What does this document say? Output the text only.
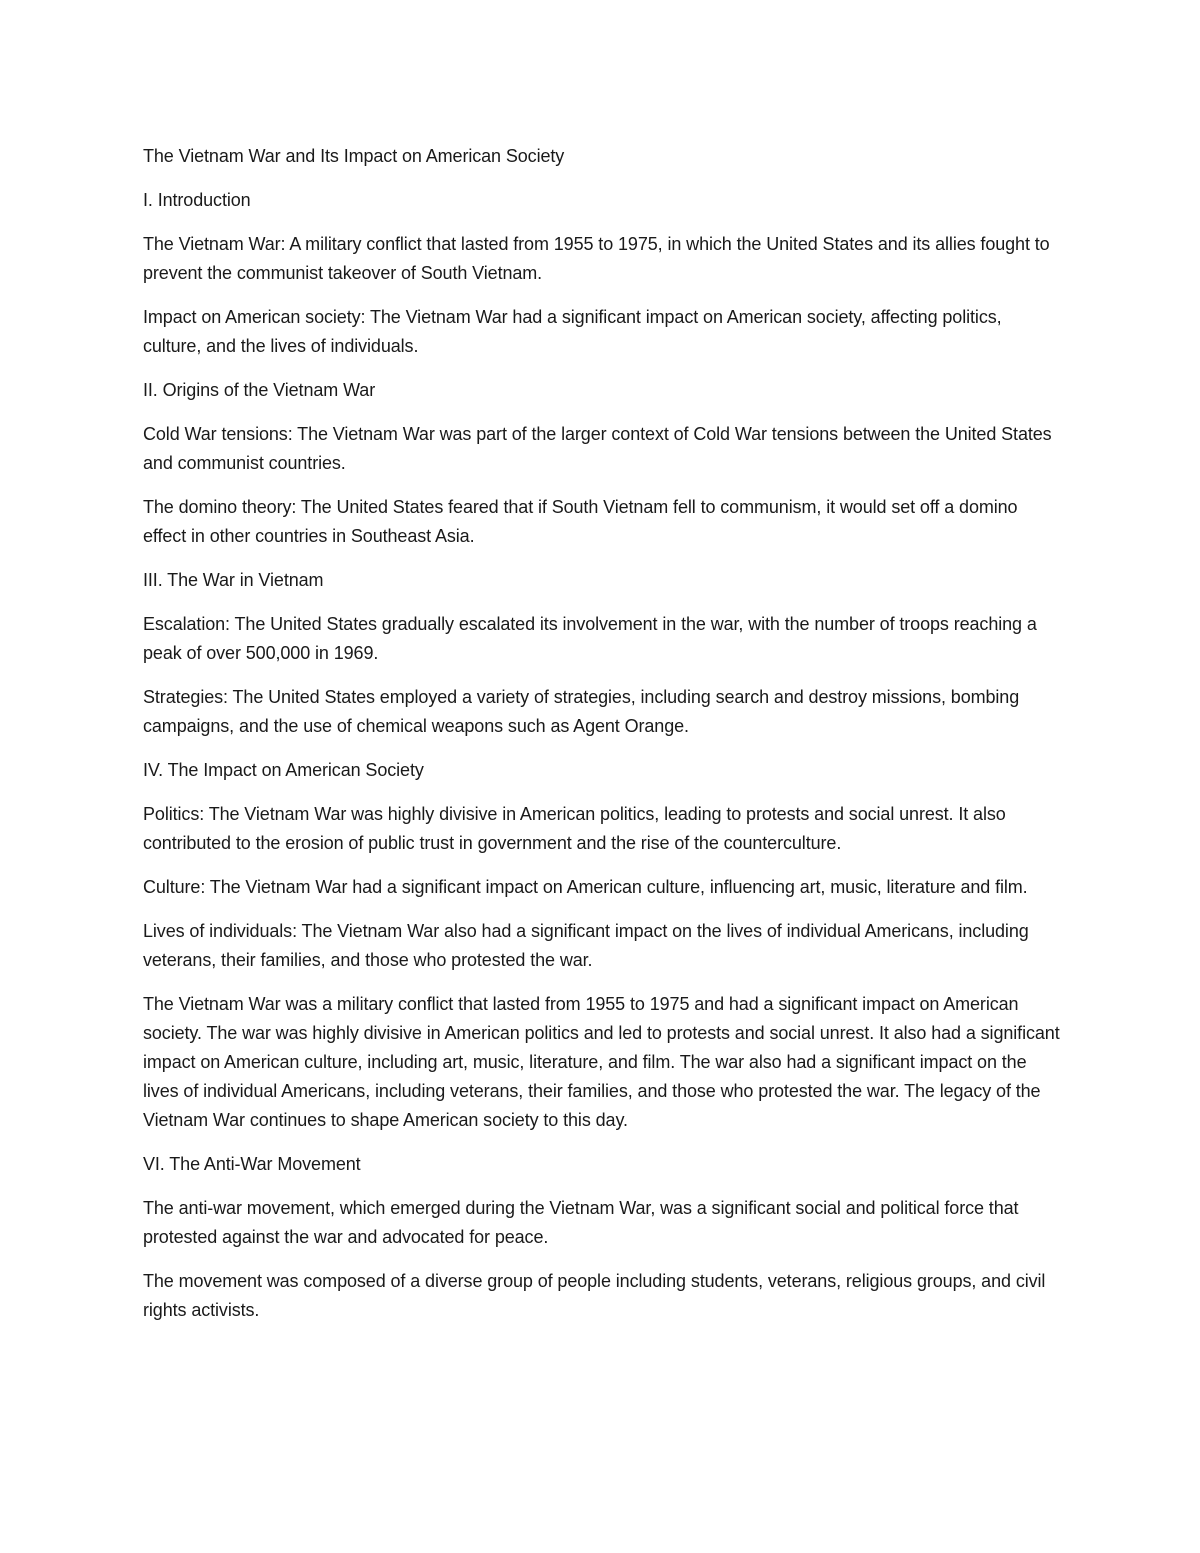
The Vietnam War and Its Impact on American Society

I. Introduction

The Vietnam War: A military conflict that lasted from 1955 to 1975, in which the United States and its allies fought to prevent the communist takeover of South Vietnam.

Impact on American society: The Vietnam War had a significant impact on American society, affecting politics, culture, and the lives of individuals.

II. Origins of the Vietnam War

Cold War tensions: The Vietnam War was part of the larger context of Cold War tensions between the United States and communist countries.

The domino theory: The United States feared that if South Vietnam fell to communism, it would set off a domino effect in other countries in Southeast Asia.

III. The War in Vietnam

Escalation: The United States gradually escalated its involvement in the war, with the number of troops reaching a peak of over 500,000 in 1969.

Strategies: The United States employed a variety of strategies, including search and destroy missions, bombing campaigns, and the use of chemical weapons such as Agent Orange.

IV. The Impact on American Society

Politics: The Vietnam War was highly divisive in American politics, leading to protests and social unrest. It also contributed to the erosion of public trust in government and the rise of the counterculture.

Culture: The Vietnam War had a significant impact on American culture, influencing art, music, literature and film.

Lives of individuals: The Vietnam War also had a significant impact on the lives of individual Americans, including veterans, their families, and those who protested the war.

The Vietnam War was a military conflict that lasted from 1955 to 1975 and had a significant impact on American society. The war was highly divisive in American politics and led to protests and social unrest. It also had a significant impact on American culture, including art, music, literature, and film. The war also had a significant impact on the lives of individual Americans, including veterans, their families, and those who protested the war. The legacy of the Vietnam War continues to shape American society to this day.

VI. The Anti-War Movement

The anti-war movement, which emerged during the Vietnam War, was a significant social and political force that protested against the war and advocated for peace.

The movement was composed of a diverse group of people including students, veterans, religious groups, and civil rights activists.
